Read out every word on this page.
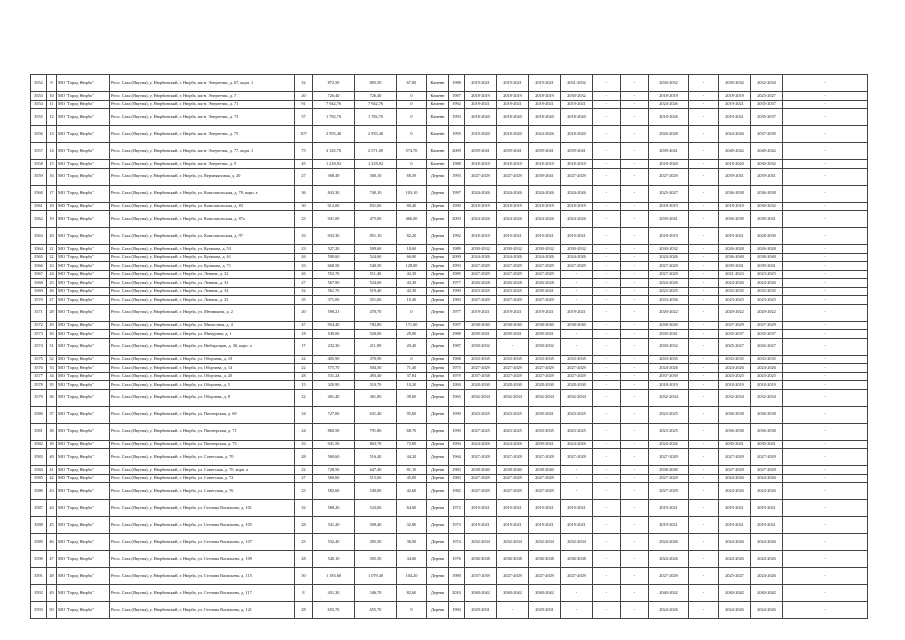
3552	9	МО "Город Нюрба"	Респ. Саха (Якутия), у. Нюрбинский, г. Нюрба, мк-н. Энергетик, д. 67, корп. 1	32	872,50	805,50	67,00	Каменн	1988	2019-2021	2019-2021	2019-2021	2031-2032	-	-	2030-2032	-	2030-2032	2032-2034	-
3553	10	МО "Город Нюрба"	Респ. Саха (Якутия), у. Нюрбинский, г. Нюрба, мк-н. Энергетик, д. 7	20	726,40	726,40	0	Каменн	1987	2018-2019	2018-2019	2018-2019	2030-2032	-	-	2018-2019	-	2018-2019	2025-2027	-
3554	11	МО "Город Нюрба"	Респ. Саха (Якутия), у. Нюрбинский, г. Нюрба, мк-н. Энергетик, д. 71	91	7 942,76	7 942,76	0	Каменн	1992	2019-2021	2019-2021	2019-2021	2019-2021	-	-	2024-2026	-	2019-2021	2035-2037	-
3555	12	МО "Город Нюрба"	Респ. Саха (Якутия), у. Нюрбинский, г. Нюрба, мк-н. Энергетик, д. 73	57	1 782,70	1 782,70	0	Каменн	1993	2018-2020	2018-2020	2018-2020	2018-2020	-	-	2018-2026	-	2019-2021	2035-2037	-
3556	13	МО "Город Нюрба"	Респ. Саха (Якутия), у. Нюрбинский, г. Нюрба, мк-н. Энергетик, д. 75	107	2 955,40	2 955,40	0	Каменн	1995	2019-2020	2018-2020	2024-2026	2018-2020	-	-	2026-2028	-	2024-2026	2037-2039	-
3557	14	МО "Город Нюрба"	Респ. Саха (Якутия), у. Нюрбинский, г. Нюрба, мк-н. Энергетик, д. 77, корп. 1	75	3 145,70	2 571,00	574,70	Каменн	2009	2039-2041	2039-2041	2039-2041	2039-2041	-	-	2039-2041	-	2040-2042	2040-2042	-
3558	15	МО "Город Нюрба"	Респ. Саха (Якутия), у. Нюрбинский, г. Нюрба, мк-н. Энергетик, д. 9	45	1 218,92	1 218,92	0	Каменн	1988	2018-2019	2018-2019	2018-2019	2018-2019	-	-	2018-2020	-	2018-2020	2030-2032	-
3559	16	МО "Город Нюрба"	Респ. Саха (Якутия), у. Нюрбинский, г. Нюрба, ул. Верхняяповая, д. 20	27	368,49	300,10	68,39	Деревя	1993	2027-2029	2027-2029	2039-2041	2027-2029	-	-	2027-2029	-	2039-2041	2039-2041	-
3560	17	МО "Город Нюрба"	Респ. Саха (Якутия), у. Нюрбинский, г. Нюрба, ул. Комсомольская, д. 78, корп. а	36	843,30	740,10	103,10	Деревя	1997	2024-2026	2024-2026	2024-2026	2024-2026	-	-	2025-2027	-	2036-2038	2036-2038	-
3561	18	МО "Город Нюрба"	Респ. Саха (Якутия), у. Нюрбинский, г. Нюрба, ул. Комсомольская, д. 83	30	912,00	831,60	80,40	Деревя	1990	2018-2019	2018-2019	2018-2019	2018-2019	-	-	2018-2019	-	2018-2019	2030-2032	-
3562	19	МО "Город Нюрба"	Респ. Саха (Якутия), у. Нюрбинский, г. Нюрба, ул. Комсомольская, д. 87а	25	941,00	475,00	466,00	Деревя	2003	2024-2026	2024-2026	2024-2026	2024-2026	-	-	2039-2041	-	2036-2039	2039-2041	-
3563	20	МО "Город Нюрба"	Респ. Саха (Якутия), у. Нюрбинский, г. Нюрба, ул. Комсомольская, д. 97	33	933,30	851,10	82,20	Деревя	1992	2018-2019	2019-2021	2019-2021	2019-2021	-	-	2018-2019	-	2019-2021	2028-2030	-
3564	21	МО "Город Нюрба"	Респ. Саха (Якутия), у. Нюрбинский, г. Нюрба, ул. Кузакова, д. 53	23	527,20	509,60	18,60	Деревя	1989	2030-2032	2030-2032	2030-2032	2030-2032	-	-	2030-2032	-	2026-2028	2026-2028	-
3565	22	МО "Город Нюрба"	Респ. Саха (Якутия), у. Нюрбинский, г. Нюрба, ул. Кузакова, д. 61	26	590,60	524,60	66,00	Деревя	2000	2024-2026	2024-2026	2024-2026	2024-2026	-	-	2024-2026	-	2036-2040	2038-2040	-
3566	23	МО "Город Нюрба"	Респ. Саха (Якутия), у. Нюрбинский, г. Нюрба, ул. Кузакова, д. 71	33	668,50	540,50	128,00	Деревя	1993	2027-2029	2027-2029	2027-2029	2027-2029	-	-	2027-2029	-	2039-2041	2039-2041	-
3567	24	МО "Город Нюрба"	Респ. Саха (Якутия), у. Нюрбинский, г. Нюрба, ул. Ленина, д. 32	26	553,70	511,40	42,30	Деревя	1985	2027-2029	2027-2029	2027-2029	-	-	-	2027-2029	-	2021-2023	2023-2025	-
3568	25	МО "Город Нюрба"	Респ. Саха (Якутия), у. Нюрбинский, г. Нюрба, ул. Ленина, д. 33	27	567,90	524,60	43,30	Деревя	1977	2026-2028	2026-2028	2026-2028	-	-	-	2024-2026	-	2024-2026	2024-2026	-
3569	26	МО "Город Нюрба"	Респ. Саха (Якутия), у. Нюрбинский, г. Нюрба, ул. Ленина, д. 34	32	561,70	519,40	42,30	Деревя	1990	2023-2025	2023-2025	2039-2041	-	-	-	2023-2025	-	2033-2035	2033-2035	-
3570	27	МО "Город Нюрба"	Респ. Саха (Якутия), у. Нюрбинский, г. Нюрба, ул. Ленина, д. 35	35	371,00	351,60	19,40	Деревя	1983	2027-2029	2027-2029	2027-2029	-	-	-	2033-2036	-	2023-2025	2023-2025	-
3571	28	МО "Город Нюрба"	Респ. Саха (Якутия), у. Нюрбинский, г. Нюрба, ул. Мечникова, д. 2	20	598,21	470,70	0	Деревя	1977	2019-2021	2019-2021	2019-2021	2019-2021	-	-	2020-2022	-	2020-2022	2020-2022	-
3572	29	МО "Город Нюрба"	Респ. Саха (Якутия), у. Нюрбинский, г. Нюрба, ул. Мичастная, д. 4	47	954,40	782,80	171,60	Деревя	1997	2038-2040	2038-2040	2038-2040	2038-2040	-	-	2038-2040	-	2027-2029	2027-2029	-
3573	30	МО "Город Нюрба"	Респ. Саха (Якутия), у. Нюрбинский, г. Нюрба, ул. Мичурина, д. 1	18	549,00	520,00	29,00	Деревя	1988	2039-2041	2039-2041	2039-2041	-	-	-	2039-2041	-	2035-2037	2035-2037	-
3574	31	МО "Город Нюрба"	Респ. Саха (Якутия), у. Нюрбинский, г. Нюрба, ул. Нюбарощан, д. 36, корп. а	17	232,30	211,90	20,40	Деревя	1987	2030-2032	-	2030-2032	-	-	-	2030-2032	-	2025-2027	2026-2027	-
3575	32	МО "Город Нюрба"	Респ. Саха (Якутия), у. Нюрбинский, г. Нюрба, ул. Оборчева, д. 10	22	405,90	370,90	0	Деревя	1968	2033-2035	2033-2035	2033-2035	2033-2035	-	-	2033-2035	-	2033-2035	2033-2035	-
3576	33	МО "Город Нюрба"	Респ. Саха (Якутия), у. Нюрбинский, г. Нюрба, ул. Оборчева, д. 14	22	575,70	504,30	71,40	Деревя	1975	2027-2029	2027-2029	2027-2029	2027-2029	-	-	2024-2026	-	2024-2026	2024-2026	-
3577	34	МО "Город Нюрба"	Респ. Саха (Якутия), у. Нюрбинский, г. Нюрба, ул. Оборчева, д. 20	28	531,24	493,40	37,84	Деревя	1979	2037-2038	2027-2029	2027-2029	2027-2029	-	-	2037-2039	-	2023-2025	2023-2025	-
3578	35	МО "Город Нюрба"	Респ. Саха (Якутия), у. Нюрбинский, г. Нюрба, ул. Оборчева, д. 5	15	320,90	310,70	10,20	Деревя	1984	2028-2030	2028-2030	2028-2030	2028-2030	-	-	2018-2019	-	2018-2019	2018-2019	-
3579	36	МО "Город Нюрба"	Респ. Саха (Якутия), у. Нюрбинский, г. Нюрба, ул. Оборчева, д. 8	22	401,40	361,80	39,60	Деревя	1963	2032-2034	2032-2034	2032-2034	2032-2034	-	-	2032-2034	-	2032-2034	2032-2034	-
3580	37	МО "Город Нюрба"	Респ. Саха (Якутия), у. Нюрбинский, г. Нюрба, ул. Пионерская, д. 69	34	727,00	631,40	95,60	Деревя	1990	2023-2025	2023-2025	2039-2041	2023-2025	-	-	2023-2025	-	2036-2038	2036-2038	-
3581	38	МО "Город Нюрба"	Респ. Саха (Якутия), у. Нюрбинский, г. Нюрба, ул. Пионерская, д. 71	24	860,50	791,80	68,70	Деревя	1990	2027-2025	2023-2025	2033-2035	2023-2025	-	-	2023-2025	-	2036-2038	2036-2038	-
3582	39	МО "Город Нюрба"	Респ. Саха (Якутия), у. Нюрбинский, г. Нюрба, ул. Пионерская, д. 73	33	941,50	863,70	73,80	Деревя	1994	2024-2026	2024-2026	2039-2041	2024-2026	-	-	2024-2026	-	2039-2041	2039-2041	-
3583	40	МО "Город Нюрба"	Респ. Саха (Якутия), у. Нюрбинский, г. Нюрба, ул. Советская, д. 70	28	560,60	516,40	44,20	Деревя	1964	2027-2029	2027-2029	2027-2029	2027-2029	-	-	2027-2029	-	2027-2029	2027-2029	-
3584	41	МО "Город Нюрба"	Респ. Саха (Якутия), у. Нюрбинский, г. Нюрба, ул. Советская, д. 70, корп. а	22	728,50	647,40	81,10	Деревя	1983	2038-2040	2038-2040	2038-2040	-	-	-	2038-2040	-	2027-2029	2027-2029	-
3585	42	МО "Город Нюрба"	Респ. Саха (Якутия), у. Нюрбинский, г. Нюрба, ул. Советская, д. 72	27	560,60	515,60	45,00	Деревя	1983	2027-2029	2027-2029	2027-2029	-	-	-	2027-2029	-	2024-2026	2024-2026	-
3586	43	МО "Город Нюрба"	Респ. Саха (Якутия), у. Нюрбинский, г. Нюрба, ул. Советская, д. 76	25	582,60	540,00	42,60	Деревя	1982	2027-2029	2027-2029	2027-2029	-	-	-	2027-2029	-	2024-2026	2024-2026	-
3587	44	МО "Город Нюрба"	Респ. Саха (Якутия), у. Нюрбинский, г. Нюрба, ул. Степана Васильева, д. 101	32	588,20	523,60	64,60	Деревя	1972	2019-2021	2019-2021	2019-2021	2019-2021	-	-	2019-2021	-	2019-2021	2019-2021	-
3588	45	МО "Город Нюрба"	Респ. Саха (Якутия), у. Нюрбинский, г. Нюрба, ул. Степана Васильева, д. 105	28	541,20	508,40	32,80	Деревя	1973	2019-2021	2019-2021	2019-2021	2019-2021	-	-	2019-2021	-	2019-2021	2019-2021	-
3589	46	МО "Город Нюрба"	Респ. Саха (Якутия), у. Нюрбинский, г. Нюрба, ул. Степана Васильева, д. 107	25	532,40	495,50	36,90	Деревя	1974	2032-2034	2032-2034	2032-2034	2032-2034	-	-	2024-2026	-	2024-2026	2024-2026	-
3590	47	МО "Город Нюрба"	Респ. Саха (Якутия), у. Нюрбинский, г. Нюрба, ул. Степана Васильева, д. 109	28	540,10	505,50	34,60	Деревя	1976	2036-2038	2036-2038	2036-2038	2036-2038	-	-	2024-2026	-	2024-2026	2024-2026	-
3591	48	МО "Город Нюрба"	Респ. Саха (Якутия), у. Нюрбинский, г. Нюрба, ул. Степана Васильева, д. 115	50	1 183,60	1 079,40	104,20	Деревя	1980	2037-2039	2027-2029	2027-2029	2027-2029	-	-	2027-2029	-	2025-2027	2024-2026	-
3592	49	МО "Город Нюрба"	Респ. Саха (Якутия), у. Нюрбинский, г. Нюрба, ул. Степана Васильева, д. 117	8	431,30	346,70	82,60	Деревя	2010	2040-2042	2040-2042	2040-2042	-	-	-	2040-2042	-	2040-2042	2040-2042	-
3593	50	МО "Город Нюрба"	Респ. Саха (Якутия), у. Нюрбинский, г. Нюрба, ул. Степана Васильева, д. 121	28	655,70	655,70	0	Деревя	1984	2029-2031	-	2029-2031	-	-	-	2024-2026	-	2024-2026	2024-2026	-
